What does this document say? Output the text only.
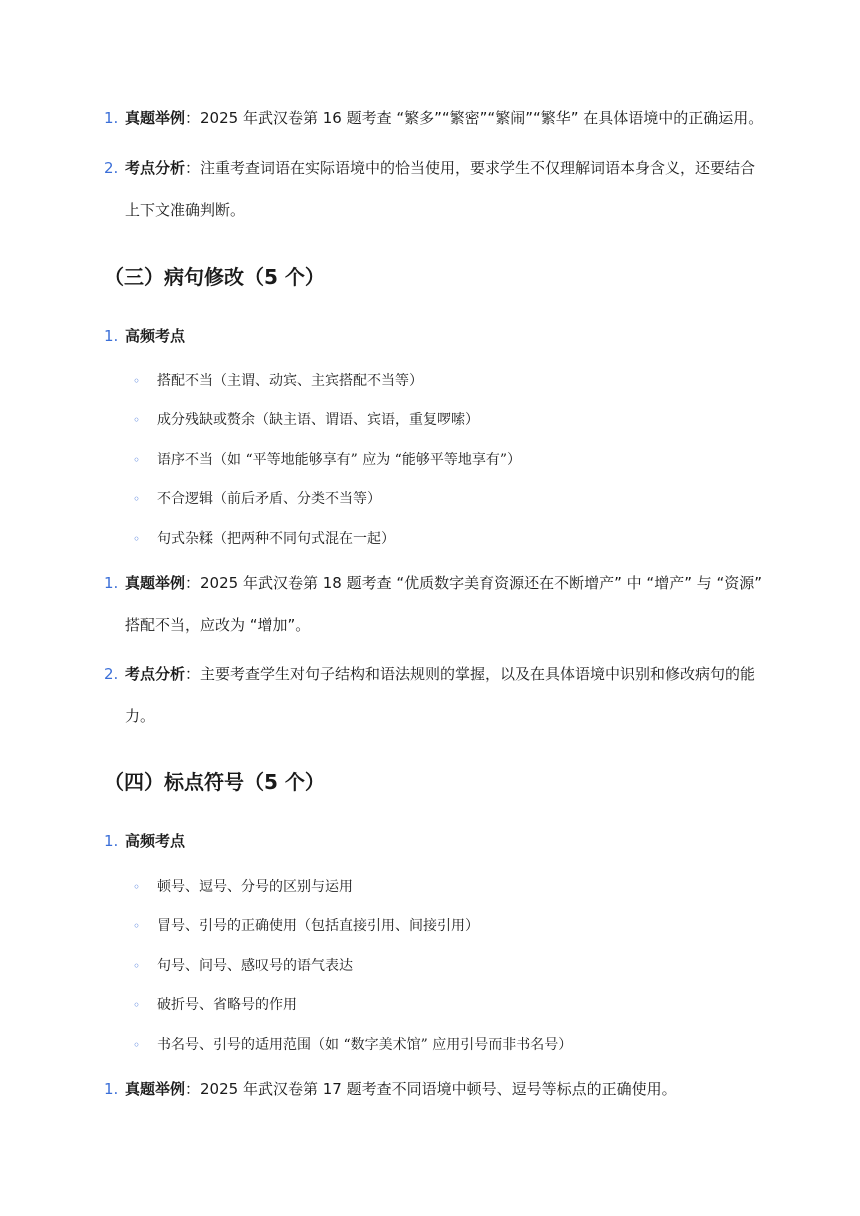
1. 真题举例：2025 年武汉卷第 16 题考查 “繁多”“繁密”“繁闹”“繁华” 在具体语境中的正确运用。
2. 考点分析：注重考查词语在实际语境中的恰当使用，要求学生不仅理解词语本身含义，还要结合上下文准确判断。
（三）病句修改（5 个）
1. 高频考点
◦ 搭配不当（主谓、动宾、主宾搭配不当等）
◦ 成分残缺或赘余（缺主语、谓语、宾语，重复啰嗦）
◦ 语序不当（如 “平等地能够享有” 应为 “能够平等地享有”）
◦ 不合逻辑（前后矛盾、分类不当等）
◦ 句式杂糅（把两种不同句式混在一起）
1. 真题举例：2025 年武汉卷第 18 题考查 “优质数字美育资源还在不断增产” 中 “增产” 与 “资源” 搭配不当，应改为 “增加”。
2. 考点分析：主要考查学生对句子结构和语法规则的掌握，以及在具体语境中识别和修改病句的能力。
（四）标点符号（5 个）
1. 高频考点
◦ 顿号、逗号、分号的区别与运用
◦ 冒号、引号的正确使用（包括直接引用、间接引用）
◦ 句号、问号、感叹号的语气表达
◦ 破折号、省略号的作用
◦ 书名号、引号的适用范围（如 “数字美术馆” 应用引号而非书名号）
1. 真题举例：2025 年武汉卷第 17 题考查不同语境中顿号、逗号等标点的正确使用。
